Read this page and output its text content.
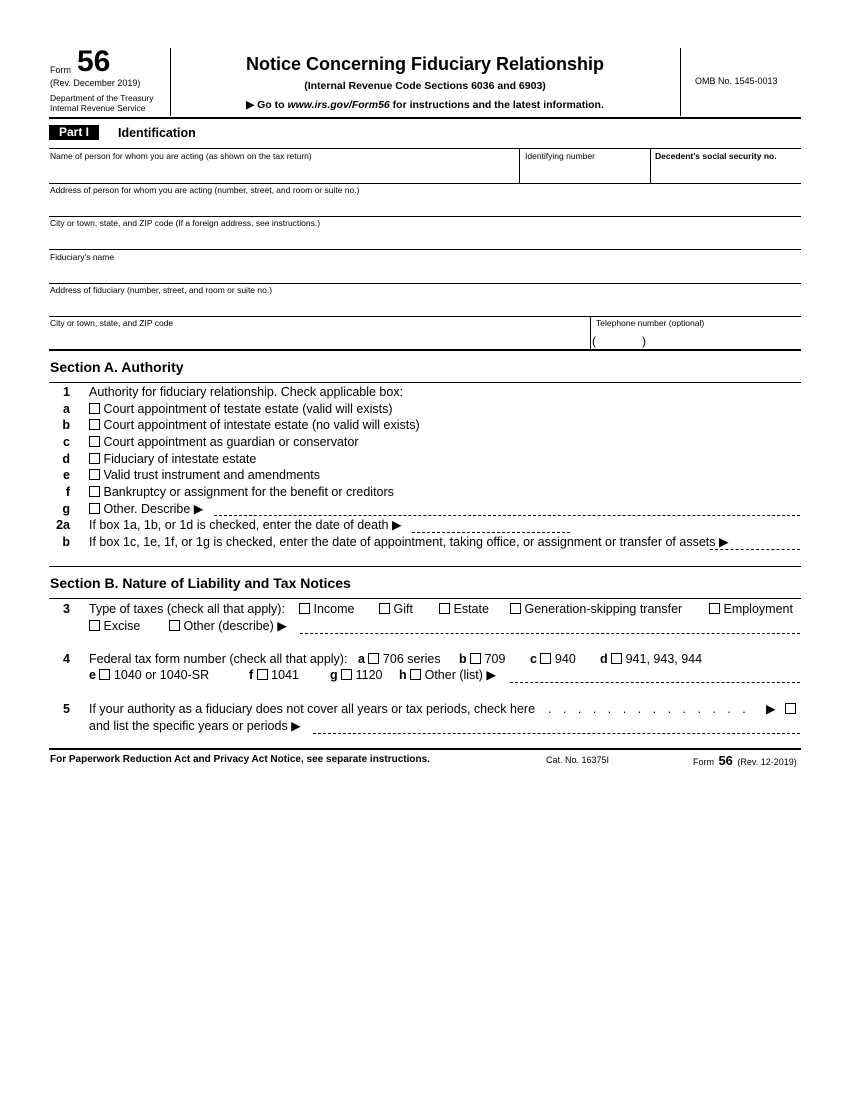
Form 56
(Rev. December 2019)
Department of the Treasury
Internal Revenue Service
Notice Concerning Fiduciary Relationship
(Internal Revenue Code Sections 6036 and 6903)
▶ Go to www.irs.gov/Form56 for instructions and the latest information.
OMB No. 1545-0013
Part I	Identification
Name of person for whom you are acting (as shown on the tax return)	Identifying number	Decedent’s social security no.
Address of person for whom you are acting (number, street, and room or suite no.)
City or town, state, and ZIP code (If a foreign address, see instructions.)
Fiduciary’s name
Address of fiduciary (number, street, and room or suite no.)
City or town, state, and ZIP code	Telephone number (optional)
(	)
Section A. Authority
1 Authority for fiduciary relationship. Check applicable box:
a	Court appointment of testate estate (valid will exists)
b	Court appointment of intestate estate (no valid will exists)
c	Court appointment as guardian or conservator
d	Fiduciary of intestate estate
e	Valid trust instrument and amendments
f	Bankruptcy or assignment for the benefit or creditors
g	Other. Describe ▶
2a If box 1a, 1b, or 1d is checked, enter the date of death ▶
b If box 1c, 1e, 1f, or 1g is checked, enter the date of appointment, taking office, or assignment or transfer of assets ▶
Section B. Nature of Liability and Tax Notices
3 Type of taxes (check all that apply):	Income	Gift	Estate	Generation-skipping transfer	Employment
Excise	Other (describe) ▶
4 Federal tax form number (check all that apply): a 706 series b 709 c 940 d 941, 943, 944
e 1040 or 1040-SR	f 1041 g 1120 h Other (list) ▶
5 If your authority as a fiduciary does not cover all years or tax periods, check here . . . . . . . . . . . . . . ▶
and list the specific years or periods ▶
For Paperwork Reduction Act and Privacy Act Notice, see separate instructions.	Cat. No. 16375I	Form 56 (Rev. 12-2019)
